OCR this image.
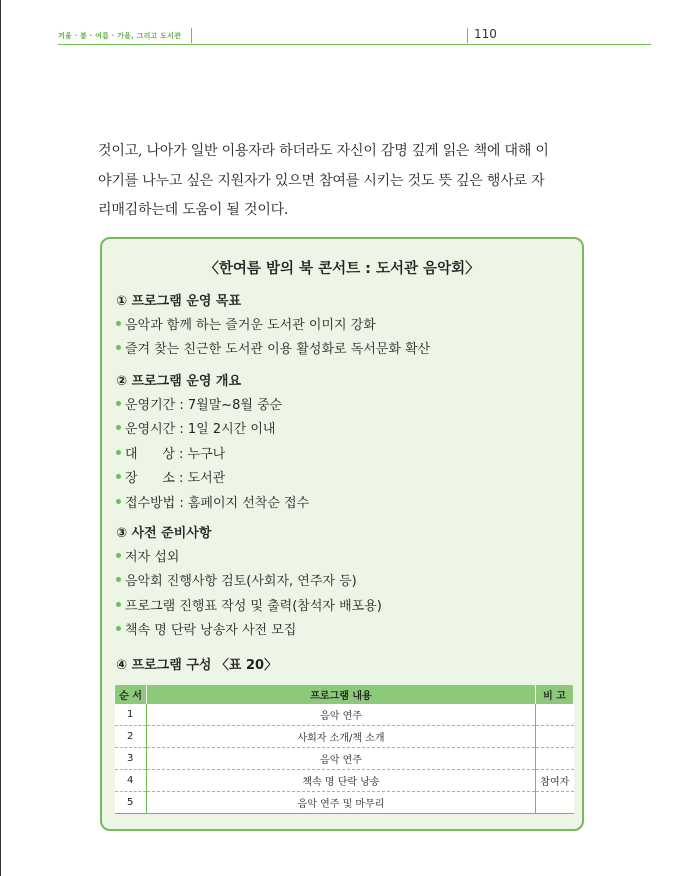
겨울 · 봄 · 여름 · 가을, 그리고 도서관	110

것이고, 나아가 일반 이용자라 하더라도 자신이 감명 깊게 읽은 책에 대해 이

야기를 나누고 싶은 지원자가 있으면 참여를 시키는 것도 뜻 깊은 행사로 자

리매김하는데 도움이 될 것이다.

〈한여름 밤의 북 콘서트 : 도서관 음악회〉
① 프로그램 운영 목표
음악과 함께 하는 즐거운 도서관 이미지 강화
즐겨 찾는 친근한 도서관 이용 활성화로 독서문화 확산
② 프로그램 운영 개요
운영기간 : 7월말~8월 중순
운영시간 : 1일 2시간 이내
대      상 : 누구나
장      소 : 도서관
접수방법 : 홈페이지 선착순 접수
③ 사전 준비사항
저자 섭외
음악회 진행사항 검토(사회자, 연주자 등)
프로그램 진행표 작성 및 출력(참석자 배포용)
책속 명 단락 낭송자 사전 모집
④ 프로그램 구성 〈표 20〉
순 서	프로그램 내용	비 고
1	음악 연주	
2	사회자 소개/책 소개	
3	음악 연주	
4	책속 명 단락 낭송	참여자
5	음악 연주 및 마무리	
